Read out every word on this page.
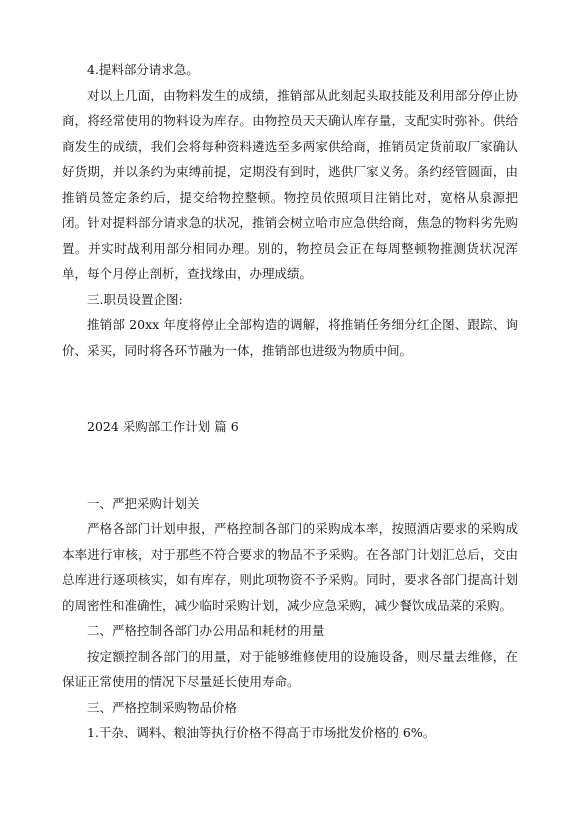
4.提料部分请求急。

对以上几面，由物料发生的成绩，推销部从此刻起头取技能及利用部分停止协商，将经常使用的物料设为库存。由物控员天天确认库存量，支配实时弥补。供给商发生的成绩，我们会将每种资料遴选至多两家供给商，推销员定货前取厂家确认好货期，并以条约为束缚前提，定期没有到时，逃供厂家义务。条约经管圆面，由推销员签定条约后，提交给物控整顿。物控员依照项目注销比对，宽格从泉源把闭。针对提料部分请求急的状况，推销会树立哈市应急供给商，焦急的物料劣先购置。并实时战利用部分相同办理。别的，物控员会正在每周整顿物推测货状况浑单，每个月停止剖析，查找缘由，办理成绩。

三.职员设置企图:

推销部 20xx 年度将停止全部构造的调解，将推销任务细分红企图、跟踪、询价、采买，同时将各环节融为一体，推销部也进级为物质中间。

2024 采购部工作计划 篇 6

一、严把采购计划关

严格各部门计划申报，严格控制各部门的采购成本率，按照酒店要求的采购成本率进行审核，对于那些不符合要求的物品不予采购。在各部门计划汇总后，交由总库进行逐项核实，如有库存，则此项物资不予采购。同时，要求各部门提高计划的周密性和准确性，减少临时采购计划，减少应急采购，减少餐饮成品菜的采购。

二、严格控制各部门办公用品和耗材的用量

按定额控制各部门的用量，对于能够维修使用的设施设备，则尽量去维修，在保证正常使用的情况下尽量延长使用寿命。

三、严格控制采购物品价格

1.干杂、调料、粮油等执行价格不得高于市场批发价格的 6%。
